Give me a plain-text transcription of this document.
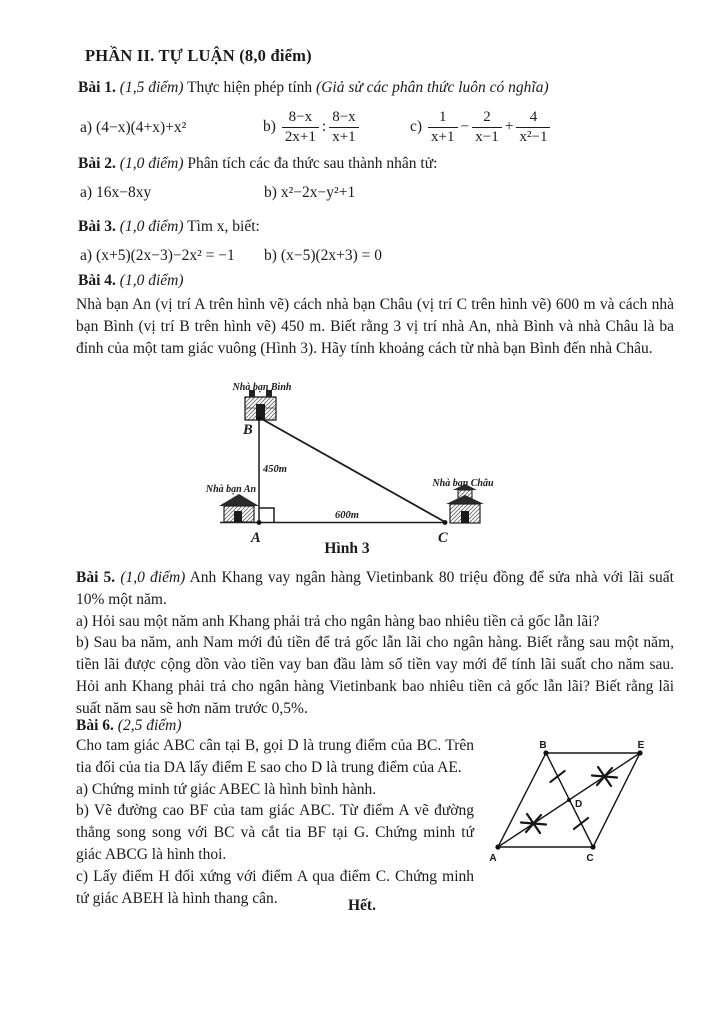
PHẦN II. TỰ LUẬN (8,0 điểm)
Bài 1. (1,5 điểm) Thực hiện phép tính (Giả sử các phân thức luôn có nghĩa)
a) (4−x)(4+x)+x²	$b) \frac{8-x}{2x+1}$ : $\frac{8-x}{x+1}$	$c) \frac{1}{x+1} - \frac{2}{x-1} + \frac{4}{\text{x²−1}}$
Bài 2. (1,0 điểm) Phân tích các đa thức sau thành nhân tử:
a) 16x−8xy	b) x²−2x−y²+1
Bài 3. (1,0 điểm) Tìm x, biết:
a) (x+5)(2x−3)−2x² = −1 b) (x−5)(2x+3) = 0
Bài 4. (1,0 điểm)
Nhà bạn An (vị trí A trên hình vẽ) cách nhà bạn Châu (vị trí C trên hình vẽ) 600 m và cách nhà bạn Bình (vị trí B trên hình vẽ) 450 m. Biết rằng 3 vị trí nhà An, nhà Bình và nhà Châu là ba đỉnh của một tam giác vuông (Hình 3). Hãy tính khoảng cách từ nhà bạn Bình đến nhà Châu.
Nhà bạn Bình
Nhà bạn An
Nhà bạn Châu
B
A	C
450m
600m
Hình 3
Bài 5. (1,0 điểm) Anh Khang vay ngân hàng Vietinbank 80 triệu đồng để sửa nhà với lãi suất 10% một năm.
a) Hỏi sau một năm anh Khang phải trả cho ngân hàng bao nhiêu tiền cả gốc lẫn lãi?
b) Sau ba năm, anh Nam mới đủ tiền để trả gốc lẫn lãi cho ngân hàng. Biết rằng sau một năm, tiền lãi được cộng dồn vào tiền vay ban đầu làm số tiền vay mới để tính lãi suất cho năm sau. Hỏi anh Khang phải trả cho ngân hàng Vietinbank bao nhiêu tiền cả gốc lẫn lãi? Biết rằng lãi suất năm sau sẽ hơn năm trước 0,5%.
Bài 6. (2,5 điểm)
B	E
A	C
D
Cho tam giác ABC cân tại B, gọi D là trung điểm của BC. Trên tia đối của tia DA lấy điểm E sao cho D là trung điểm của AE.
a) Chứng minh tứ giác ABEC là hình bình hành.
b) Vẽ đường cao BF của tam giác ABC. Từ điểm A vẽ đường thẳng song song với BC và cắt tia BF tại G. Chứng minh tứ giác ABCG là hình thoi.
c) Lấy điểm H đối xứng với điểm A qua điểm C. Chứng minh tứ giác ABEH là hình thang cân.	Hết.
